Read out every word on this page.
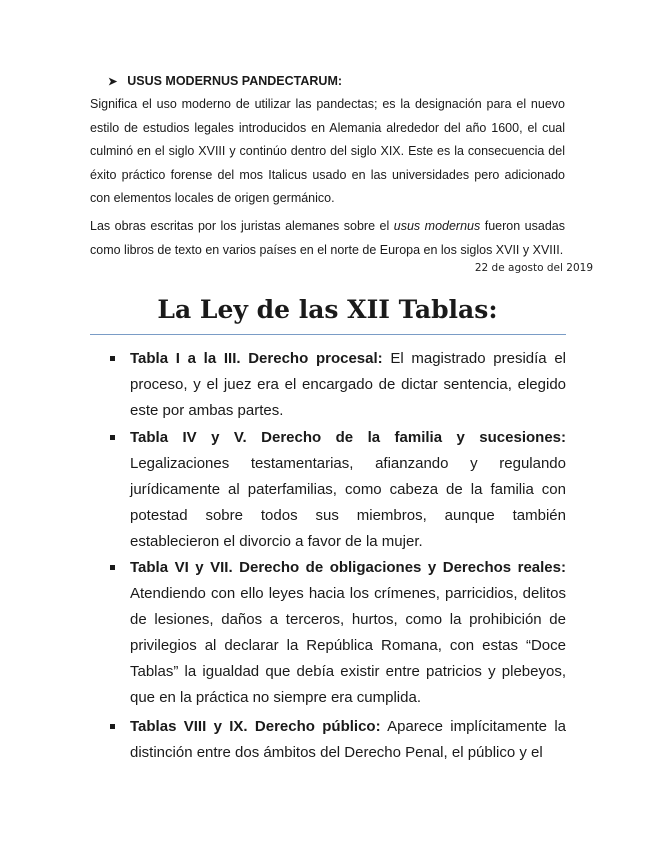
➤ USUS MODERNUS PANDECTARUM:

Significa el uso moderno de utilizar las pandectas; es la designación para el nuevo estilo de estudios legales introducidos en Alemania alrededor del año 1600, el cual culminó en el siglo XVIII y continúo dentro del siglo XIX. Este es la consecuencia del éxito práctico forense del mos Italicus usado en las universidades pero adicionado con elementos locales de origen germánico.

Las obras escritas por los juristas alemanes sobre el usus modernus fueron usadas como libros de texto en varios países en el norte de Europa en los siglos XVII y XVIII.

22 de agosto del 2019
La Ley de las XII Tablas:

Tabla I a la III. Derecho procesal: El magistrado presidía el proceso, y el juez era el encargado de dictar sentencia, elegido este por ambas partes.

Tabla IV y V. Derecho de la familia y sucesiones: Legalizaciones testamentarias, afianzando y regulando jurídicamente al paterfamilias, como cabeza de la familia con potestad sobre todos sus miembros, aunque también establecieron el divorcio a favor de la mujer.

Tabla VI y VII. Derecho de obligaciones y Derechos reales: Atendiendo con ello leyes hacia los crímenes, parricidios, delitos de lesiones, daños a terceros, hurtos, como la prohibición de privilegios al declarar la República Romana, con estas “Doce Tablas” la igualdad que debía existir entre patricios y plebeyos, que en la práctica no siempre era cumplida.

Tablas VIII y IX. Derecho público: Aparece implícitamente la distinción entre dos ámbitos del Derecho Penal, el público y el
